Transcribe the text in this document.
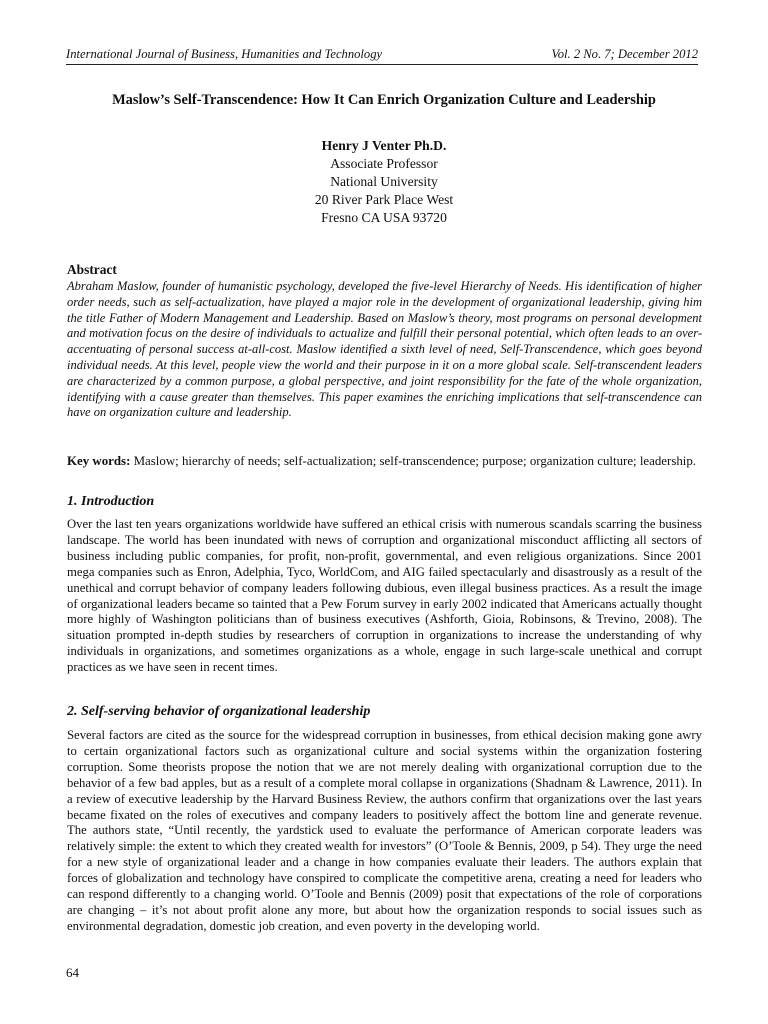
International Journal of Business, Humanities and Technology	Vol. 2 No. 7; December 2012
Maslow’s Self-Transcendence: How It Can Enrich Organization Culture and Leadership
Henry J Venter Ph.D.
Associate Professor
National University
20 River Park Place West
Fresno CA USA 93720
Abstract
Abraham Maslow, founder of humanistic psychology, developed the five-level Hierarchy of Needs. His identification of higher order needs, such as self-actualization, have played a major role in the development of organizational leadership, giving him the title Father of Modern Management and Leadership. Based on Maslow’s theory, most programs on personal development and motivation focus on the desire of individuals to actualize and fulfill their personal potential, which often leads to an over-accentuating of personal success at-all-cost. Maslow identified a sixth level of need, Self-Transcendence, which goes beyond individual needs. At this level, people view the world and their purpose in it on a more global scale. Self-transcendent leaders are characterized by a common purpose, a global perspective, and joint responsibility for the fate of the whole organization, identifying with a cause greater than themselves. This paper examines the enriching implications that self-transcendence can have on organization culture and leadership.
Key words: Maslow; hierarchy of needs; self-actualization; self-transcendence; purpose; organization culture; leadership.
1. Introduction
Over the last ten years organizations worldwide have suffered an ethical crisis with numerous scandals scarring the business landscape. The world has been inundated with news of corruption and organizational misconduct afflicting all sectors of business including public companies, for profit, non-profit, governmental, and even religious organizations. Since 2001 mega companies such as Enron, Adelphia, Tyco, WorldCom, and AIG failed spectacularly and disastrously as a result of the unethical and corrupt behavior of company leaders following dubious, even illegal business practices. As a result the image of organizational leaders became so tainted that a Pew Forum survey in early 2002 indicated that Americans actually thought more highly of Washington politicians than of business executives (Ashforth, Gioia, Robinsons, & Trevino, 2008). The situation prompted in-depth studies by researchers of corruption in organizations to increase the understanding of why individuals in organizations, and sometimes organizations as a whole, engage in such large-scale unethical and corrupt practices as we have seen in recent times.
2. Self-serving behavior of organizational leadership
Several factors are cited as the source for the widespread corruption in businesses, from ethical decision making gone awry to certain organizational factors such as organizational culture and social systems within the organization fostering corruption. Some theorists propose the notion that we are not merely dealing with organizational corruption due to the behavior of a few bad apples, but as a result of a complete moral collapse in organizations (Shadnam & Lawrence, 2011). In a review of executive leadership by the Harvard Business Review, the authors confirm that organizations over the last years became fixated on the roles of executives and company leaders to positively affect the bottom line and generate revenue. The authors state, “Until recently, the yardstick used to evaluate the performance of American corporate leaders was relatively simple: the extent to which they created wealth for investors” (O’Toole & Bennis, 2009, p 54). They urge the need for a new style of organizational leader and a change in how companies evaluate their leaders. The authors explain that forces of globalization and technology have conspired to complicate the competitive arena, creating a need for leaders who can respond differently to a changing world. O’Toole and Bennis (2009) posit that expectations of the role of corporations are changing – it’s not about profit alone any more, but about how the organization responds to social issues such as environmental degradation, domestic job creation, and even poverty in the developing world.
64
